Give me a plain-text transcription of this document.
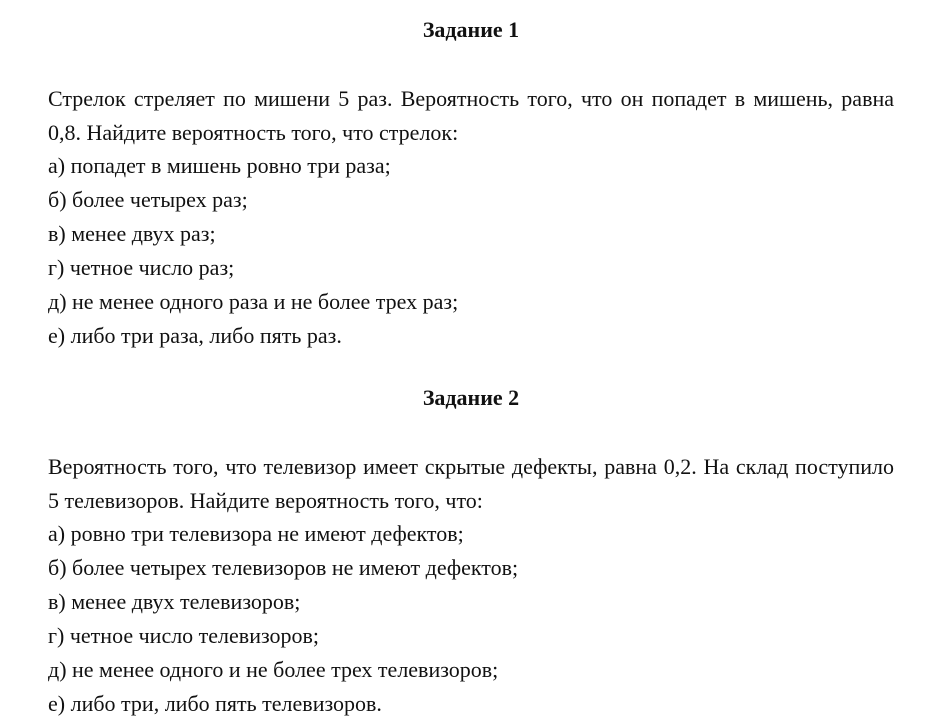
Задание 1
Стрелок стреляет по мишени 5 раз. Вероятность того, что он попадет в мишень, равна 0,8. Найдите вероятность того, что стрелок:
а) попадет в мишень ровно три раза;
б) более четырех раз;
в) менее двух раз;
г) четное число раз;
д) не менее одного раза и не более трех раз;
е) либо три раза, либо пять раз.
Задание 2
Вероятность того, что телевизор имеет скрытые дефекты, равна 0,2. На склад поступило 5 телевизоров. Найдите вероятность того, что:
а) ровно три телевизора не имеют дефектов;
б) более четырех телевизоров не имеют дефектов;
в) менее двух телевизоров;
г) четное число телевизоров;
д) не менее одного и не более трех телевизоров;
е) либо три, либо пять телевизоров.
